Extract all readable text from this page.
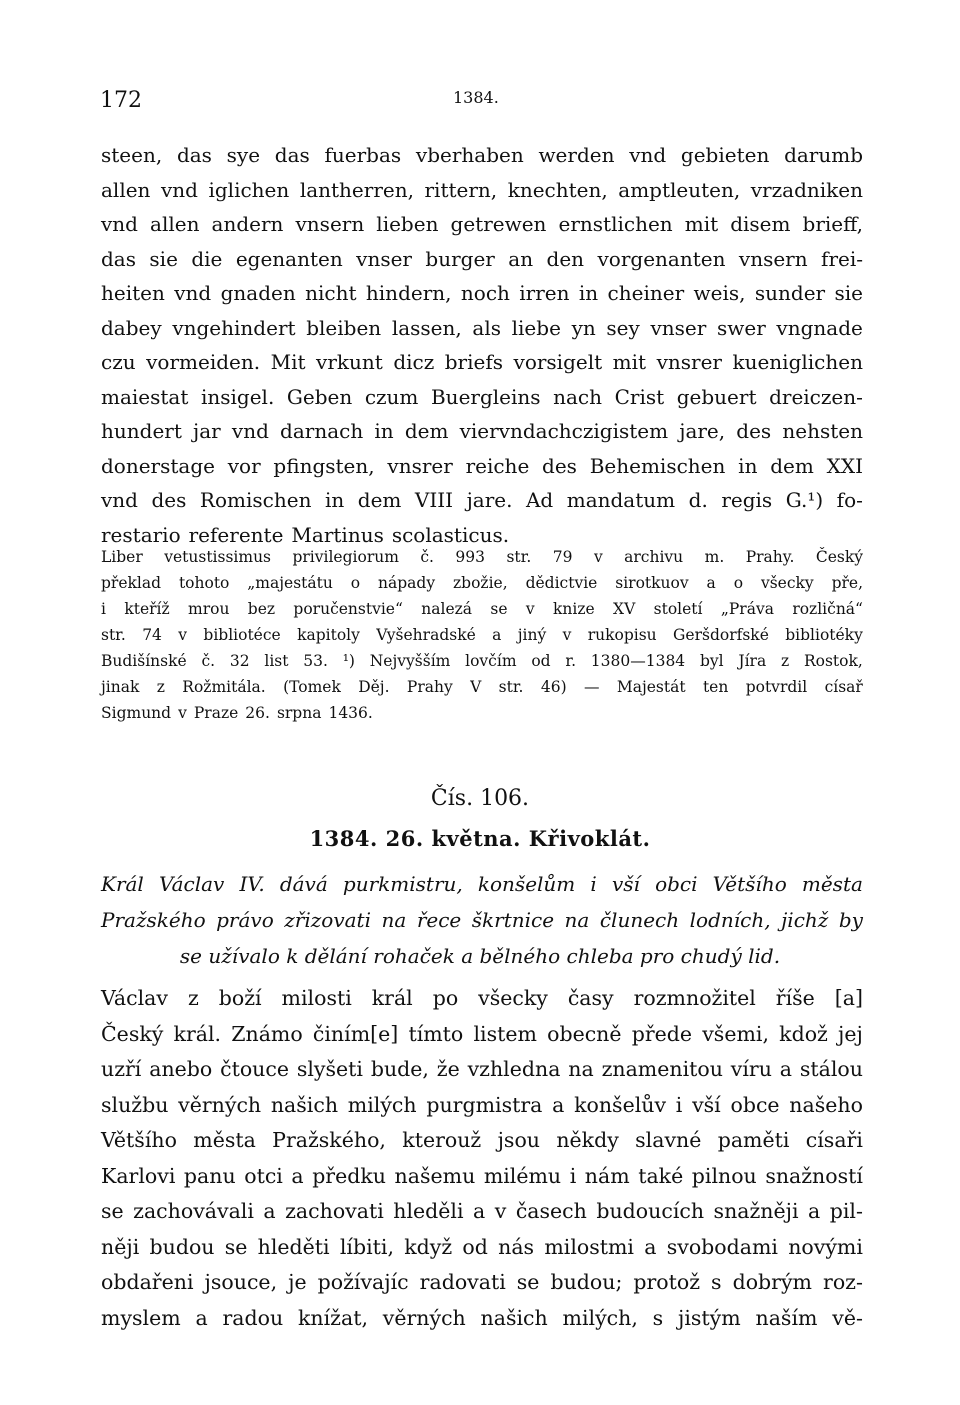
172	1384.
steen, das sye das fuerbas vberhaben werden vnd gebieten darumb
allen vnd iglichen lantherren, rittern, knechten, amptleuten, vrzadniken
vnd allen andern vnsern lieben getrewen ernstlichen mit disem brieff,
das sie die egenanten vnser burger an den vorgenanten vnsern frei-
heiten vnd gnaden nicht hindern, noch irren in cheiner weis, sunder sie
dabey vngehindert bleiben lassen, als liebe yn sey vnser swer vngnade
czu vormeiden. Mit vrkunt dicz briefs vorsigelt mit vnsrer kueniglichen
maiestat insigel. Geben czum Buergleins nach Crist gebuert dreiczen-
hundert jar vnd darnach in dem viervndachczigistem jare, des nehsten
donerstage vor pfingsten, vnsrer reiche des Behemischen in dem XXI
vnd des Romischen in dem VIII jare. Ad mandatum d. regis G.¹) fo-
restario referente Martinus scolasticus.
Liber vetustissimus privilegiorum č. 993 str. 79 v archivu m. Prahy. Český
překlad tohoto „majestátu o nápady zbožie, dědictvie sirotkuov a o všecky pře,
i kteříž mrou bez poručenstvie“ nalezá se v knize XV století „Práva rozličná“
str. 74 v bibliotéce kapitoly Vyšehradské a jiný v rukopisu Geršdorfské bibliotéky
Budišínské č. 32 list 53. ¹) Nejvyšším lovčím od r. 1380—1384 byl Jíra z Rostok,
jinak z Rožmitála. (Tomek Děj. Prahy V str. 46) — Majestát ten potvrdil císař
Sigmund v Praze 26. srpna 1436.
Čís. 106.
1384. 26. května. Křivoklát.
Král Václav IV. dává purkmistru, konšelům i vší obci Většího města
Pražského právo zřizovati na řece škrtnice na člunech lodních, jichž by
se užívalo k dělání rohaček a bělného chleba pro chudý lid.
Václav z boží milosti král po všecky časy rozmnožitel říše [a]
Český král. Známo činím[e] tímto listem obecně přede všemi, kdož jej
uzří anebo čtouce slyšeti bude, že vzhledna na znamenitou víru a stálou
službu věrných našich milých purgmistra a konšelův i vší obce našeho
Většího města Pražského, kterouž jsou někdy slavné paměti císaři
Karlovi panu otci a předku našemu milému i nám také pilnou snažností
se zachovávali a zachovati hleděli a v časech budoucích snažněji a pil-
něji budou se hleděti líbiti, když od nás milostmi a svobodami novými
obdařeni jsouce, je požívajíc radovati se budou; protož s dobrým roz-
myslem a radou knížat, věrných našich milých, s jistým naším vě-
